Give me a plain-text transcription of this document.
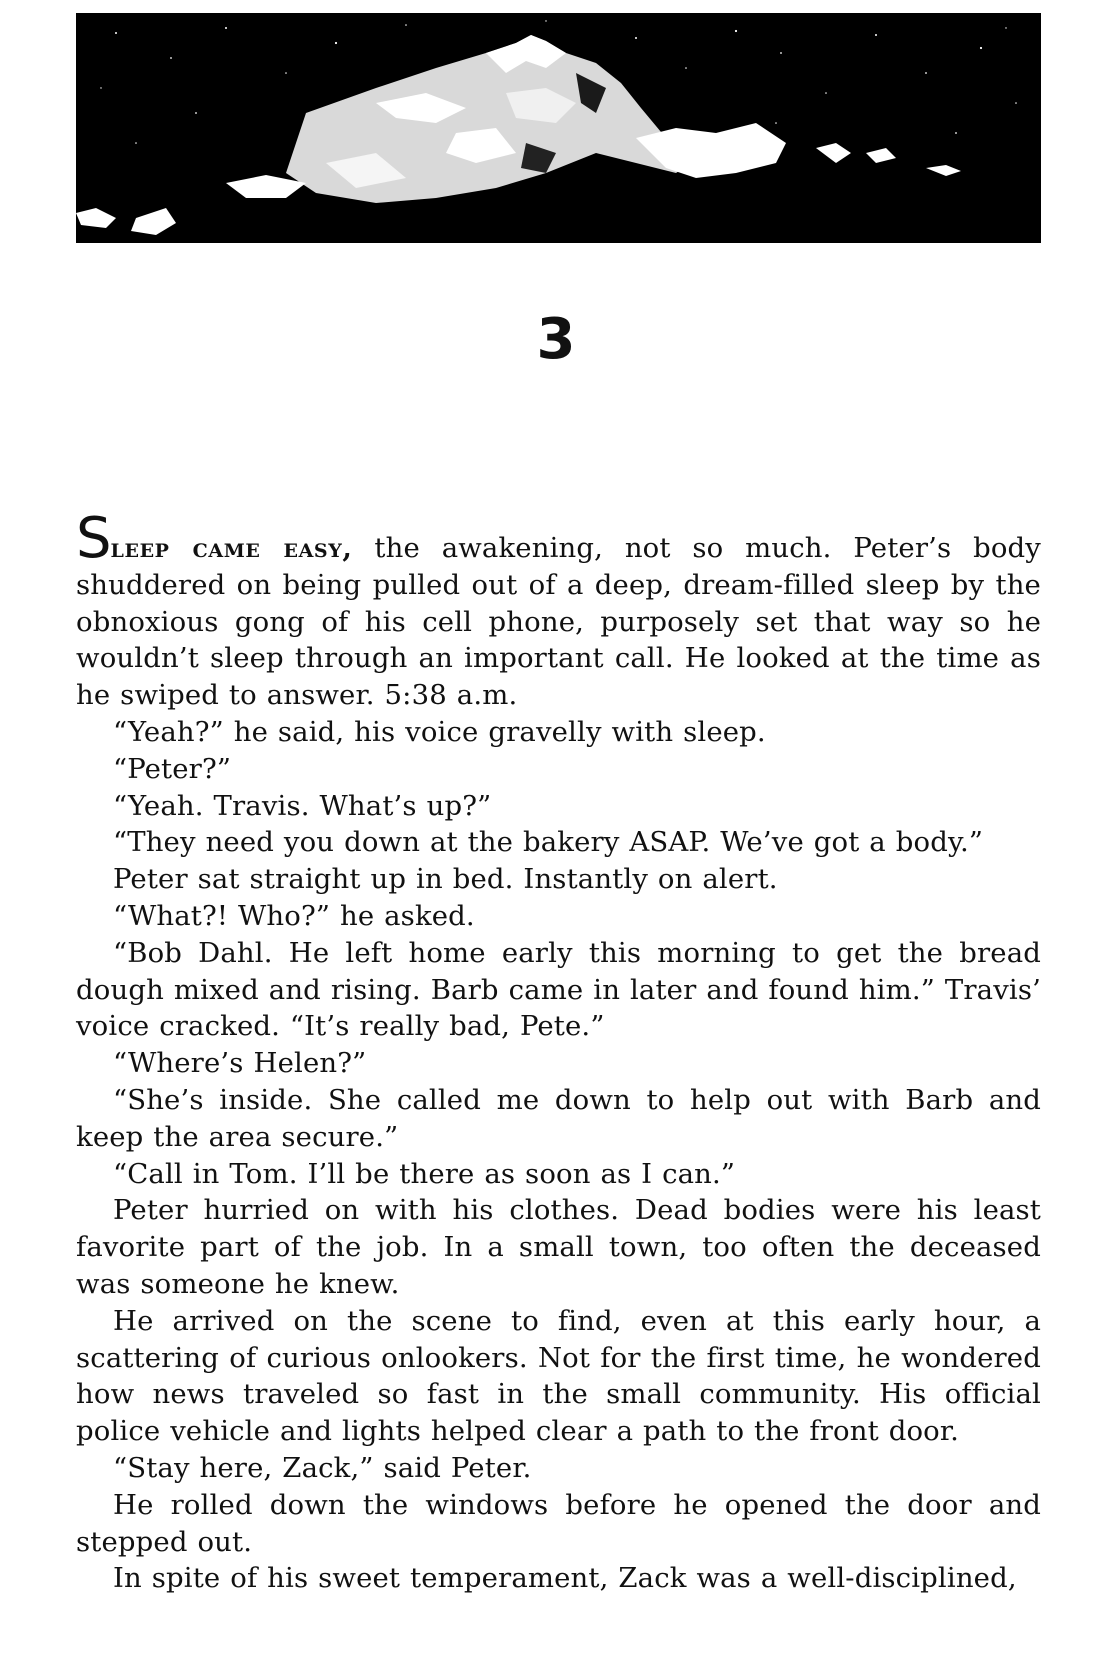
3

Sleep came easy, the awakening, not so much. Peter’s body shuddered on being pulled out of a deep, dream-filled sleep by the obnoxious gong of his cell phone, purposely set that way so he wouldn’t sleep through an important call. He looked at the time as he swiped to answer. 5:38 a.m.

“Yeah?” he said, his voice gravelly with sleep.

“Peter?”

“Yeah. Travis. What’s up?”

“They need you down at the bakery ASAP. We’ve got a body.”

Peter sat straight up in bed. Instantly on alert.

“What?! Who?” he asked.

“Bob Dahl. He left home early this morning to get the bread dough mixed and rising. Barb came in later and found him.” Travis’ voice cracked. “It’s really bad, Pete.”

“Where’s Helen?”

“She’s inside. She called me down to help out with Barb and keep the area secure.”

“Call in Tom. I’ll be there as soon as I can.”

Peter hurried on with his clothes. Dead bodies were his least favorite part of the job. In a small town, too often the deceased was someone he knew.

He arrived on the scene to find, even at this early hour, a scattering of curious onlookers. Not for the first time, he wondered how news traveled so fast in the small community. His official police vehicle and lights helped clear a path to the front door.

“Stay here, Zack,” said Peter.

He rolled down the windows before he opened the door and stepped out.

In spite of his sweet temperament, Zack was a well-disciplined,
